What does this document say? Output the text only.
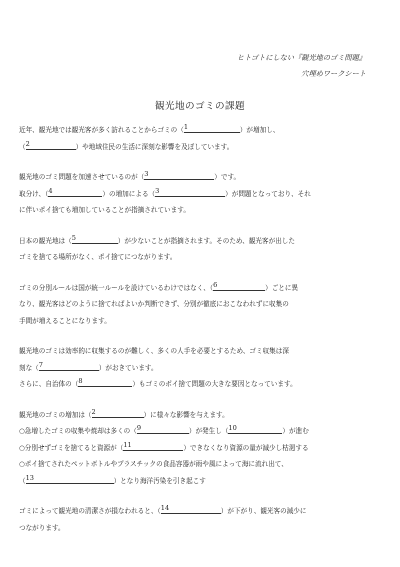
ヒトゴトにしない『観光地のゴミ問題』
穴埋めワークシート
観光地のゴミの課題
近年、観光地では観光客が多く訪れることからゴミの（ 1	）が増加し、
（ 2	）や地域住民の生活に深刻な影響を及ぼしています。
観光地のゴミ問題を加速させているのが（ 3	）です。
取分け、（ 4	）の増加による（ 3	）が問題となっており、それ
に伴いポイ捨ても増加していることが指摘されています。
日本の観光地は（ 5	）が少ないことが指摘されます。そのため、観光客が出した
ゴミを捨てる場所がなく、ポイ捨てにつながります。
ゴミの分別ルールは国が統一ルールを設けているわけではなく、（ 6	）ごとに異
なり、観光客はどのように捨てればよいか判断できず、分別が徹底におこなわれずに収集の
手間が増えることになります。
観光地のゴミは効率的に収集するのが難しく、多くの人手を必要とするため、ゴミ収集は深
刻な（ 7	）がおきています。
さらに、自治体の（ 8	）もゴミのポイ捨て問題の大きな要因となっています。
観光地のゴミの増加は（ 2	）に様々な影響を与えます。
○急増したゴミの収集や焼却は多くの（ 9	）が発生し（ 10	）が進む
○分別せずゴミを捨てると資源が（ 11	）できなくなり資源の量が減少し枯渇する
○ポイ捨てされたペットボトルやプラスチックの食品容器が雨や風によって海に流れ出て、
（ 13	）となり海洋汚染を引き起こす
ゴミによって観光地の清潔さが損なわれると、（ 14	）が下がり、観光客の減少に
つながります。
